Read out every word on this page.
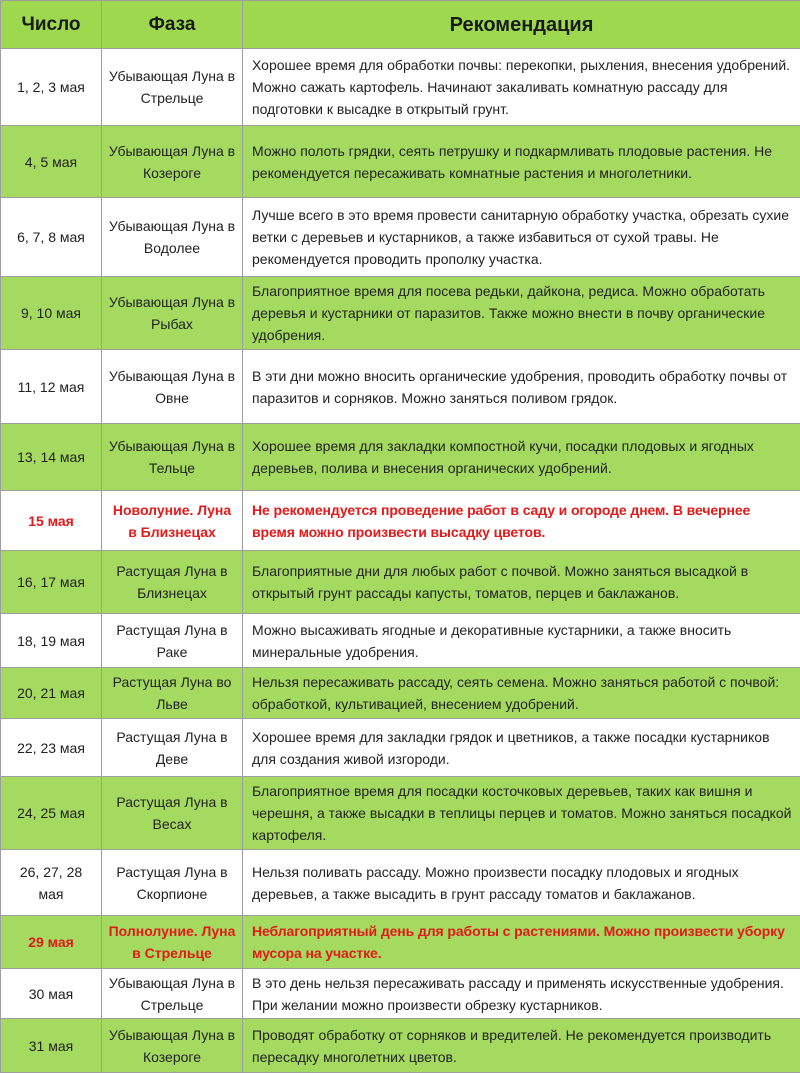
Число	Фаза	Рекомендация
1, 2, 3 мая	Убывающая Луна в Стрельце	Хорошее время для обработки почвы: перекопки, рыхления, внесения удобрений. Можно сажать картофель. Начинают закаливать комнатную рассаду для подготовки к высадке в открытый грунт.
4, 5 мая	Убывающая Луна в Козероге	Можно полоть грядки, сеять петрушку и подкармливать плодовые растения. Не рекомендуется пересаживать комнатные растения и многолетники.
6, 7, 8 мая	Убывающая Луна в Водолее	Лучше всего в это время провести санитарную обработку участка, обрезать сухие ветки с деревьев и кустарников, а также избавиться от сухой травы. Не рекомендуется проводить прополку участка.
9, 10 мая	Убывающая Луна в Рыбах	Благоприятное время для посева редьки, дайкона, редиса. Можно обработать деревья и кустарники от паразитов. Также можно внести в почву органические удобрения.
11, 12 мая	Убывающая Луна в Овне	В эти дни можно вносить органические удобрения, проводить обработку почвы от паразитов и сорняков. Можно заняться поливом грядок.
13, 14 мая	Убывающая Луна в Тельце	Хорошее время для закладки компостной кучи, посадки плодовых и ягодных деревьев, полива и внесения органических удобрений.
15 мая	Новолуние. Луна в Близнецах	Не рекомендуется проведение работ в саду и огороде днем. В вечернее время можно произвести высадку цветов.
16, 17 мая	Растущая Луна в Близнецах	Благоприятные дни для любых работ с почвой. Можно заняться высадкой в открытый грунт рассады капусты, томатов, перцев и баклажанов.
18, 19 мая	Растущая Луна в Раке	Можно высаживать ягодные и декоративные кустарники, а также вносить минеральные удобрения.
20, 21 мая	Растущая Луна во Льве	Нельзя пересаживать рассаду, сеять семена. Можно заняться работой с почвой: обработкой, культивацией, внесением удобрений.
22, 23 мая	Растущая Луна в Деве	Хорошее время для закладки грядок и цветников, а также посадки кустарников для создания живой изгороди.
24, 25 мая	Растущая Луна в Весах	Благоприятное время для посадки косточковых деревьев, таких как вишня и черешня, а также высадки в теплицы перцев и томатов. Можно заняться посадкой картофеля.
26, 27, 28 мая	Растущая Луна в Скорпионе	Нельзя поливать рассаду. Можно произвести посадку плодовых и ягодных деревьев, а также высадить в грунт рассаду томатов и баклажанов.
29 мая	Полнолуние. Луна в Стрельце	Неблагоприятный день для работы с растениями. Можно произвести уборку мусора на участке.
30 мая	Убывающая Луна в Стрельце	В это день нельзя пересаживать рассаду и применять искусственные удобрения. При желании можно произвести обрезку кустарников.
31 мая	Убывающая Луна в Козероге	Проводят обработку от сорняков и вредителей. Не рекомендуется производить пересадку многолетних цветов.
